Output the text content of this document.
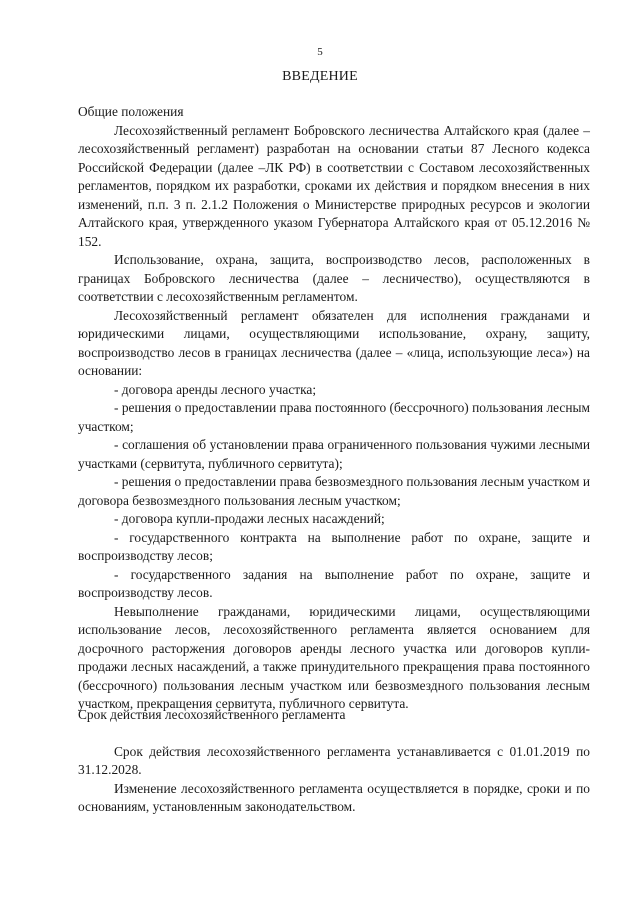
5
ВВЕДЕНИЕ

Общие положения

Лесохозяйственный регламент Бобровского лесничества Алтайского края (далее – лесохозяйственный регламент) разработан на основании статьи 87 Лесного кодекса Российской Федерации (далее –ЛК РФ) в соответствии с Составом лесохозяйственных регламентов, порядком их разработки, сроками их действия и порядком внесения в них изменений, п.п. 3 п. 2.1.2 Положения о Министерстве природных ресурсов и экологии Алтайского края, утвержденного указом Губернатора Алтайского края от 05.12.2016 № 152.

Использование, охрана, защита, воспроизводство лесов, расположенных в границах Бобровского лесничества (далее – лесничество), осуществляются в соответствии с лесохозяйственным регламентом.

Лесохозяйственный регламент обязателен для исполнения гражданами и юридическими лицами, осуществляющими использование, охрану, защиту, воспроизводство лесов в границах лесничества (далее – «лица, использующие леса») на основании:

- договора аренды лесного участка;

- решения о предоставлении права постоянного (бессрочного) пользования лесным участком;

- соглашения об установлении права ограниченного пользования чужими лесными участками (сервитута, публичного сервитута);

- решения о предоставлении права безвозмездного пользования лесным участком и договора безвозмездного пользования лесным участком;

- договора купли-продажи лесных насаждений;

- государственного контракта на выполнение работ по охране, защите и воспроизводству лесов;

- государственного задания на выполнение работ по охране, защите и воспроизводству лесов.

Невыполнение гражданами, юридическими лицами, осуществляющими использование лесов, лесохозяйственного регламента является основанием для досрочного расторжения договоров аренды лесного участка или договоров купли-продажи лесных насаждений, а также принудительного прекращения права постоянного (бессрочного) пользования лесным участком или безвозмездного пользования лесным участком, прекращения сервитута, публичного сервитута.

Срок действия лесохозяйственного регламента

Срок действия лесохозяйственного регламента устанавливается с 01.01.2019 по 31.12.2028.

Изменение лесохозяйственного регламента осуществляется в порядке, сроки и по основаниям, установленным законодательством.
